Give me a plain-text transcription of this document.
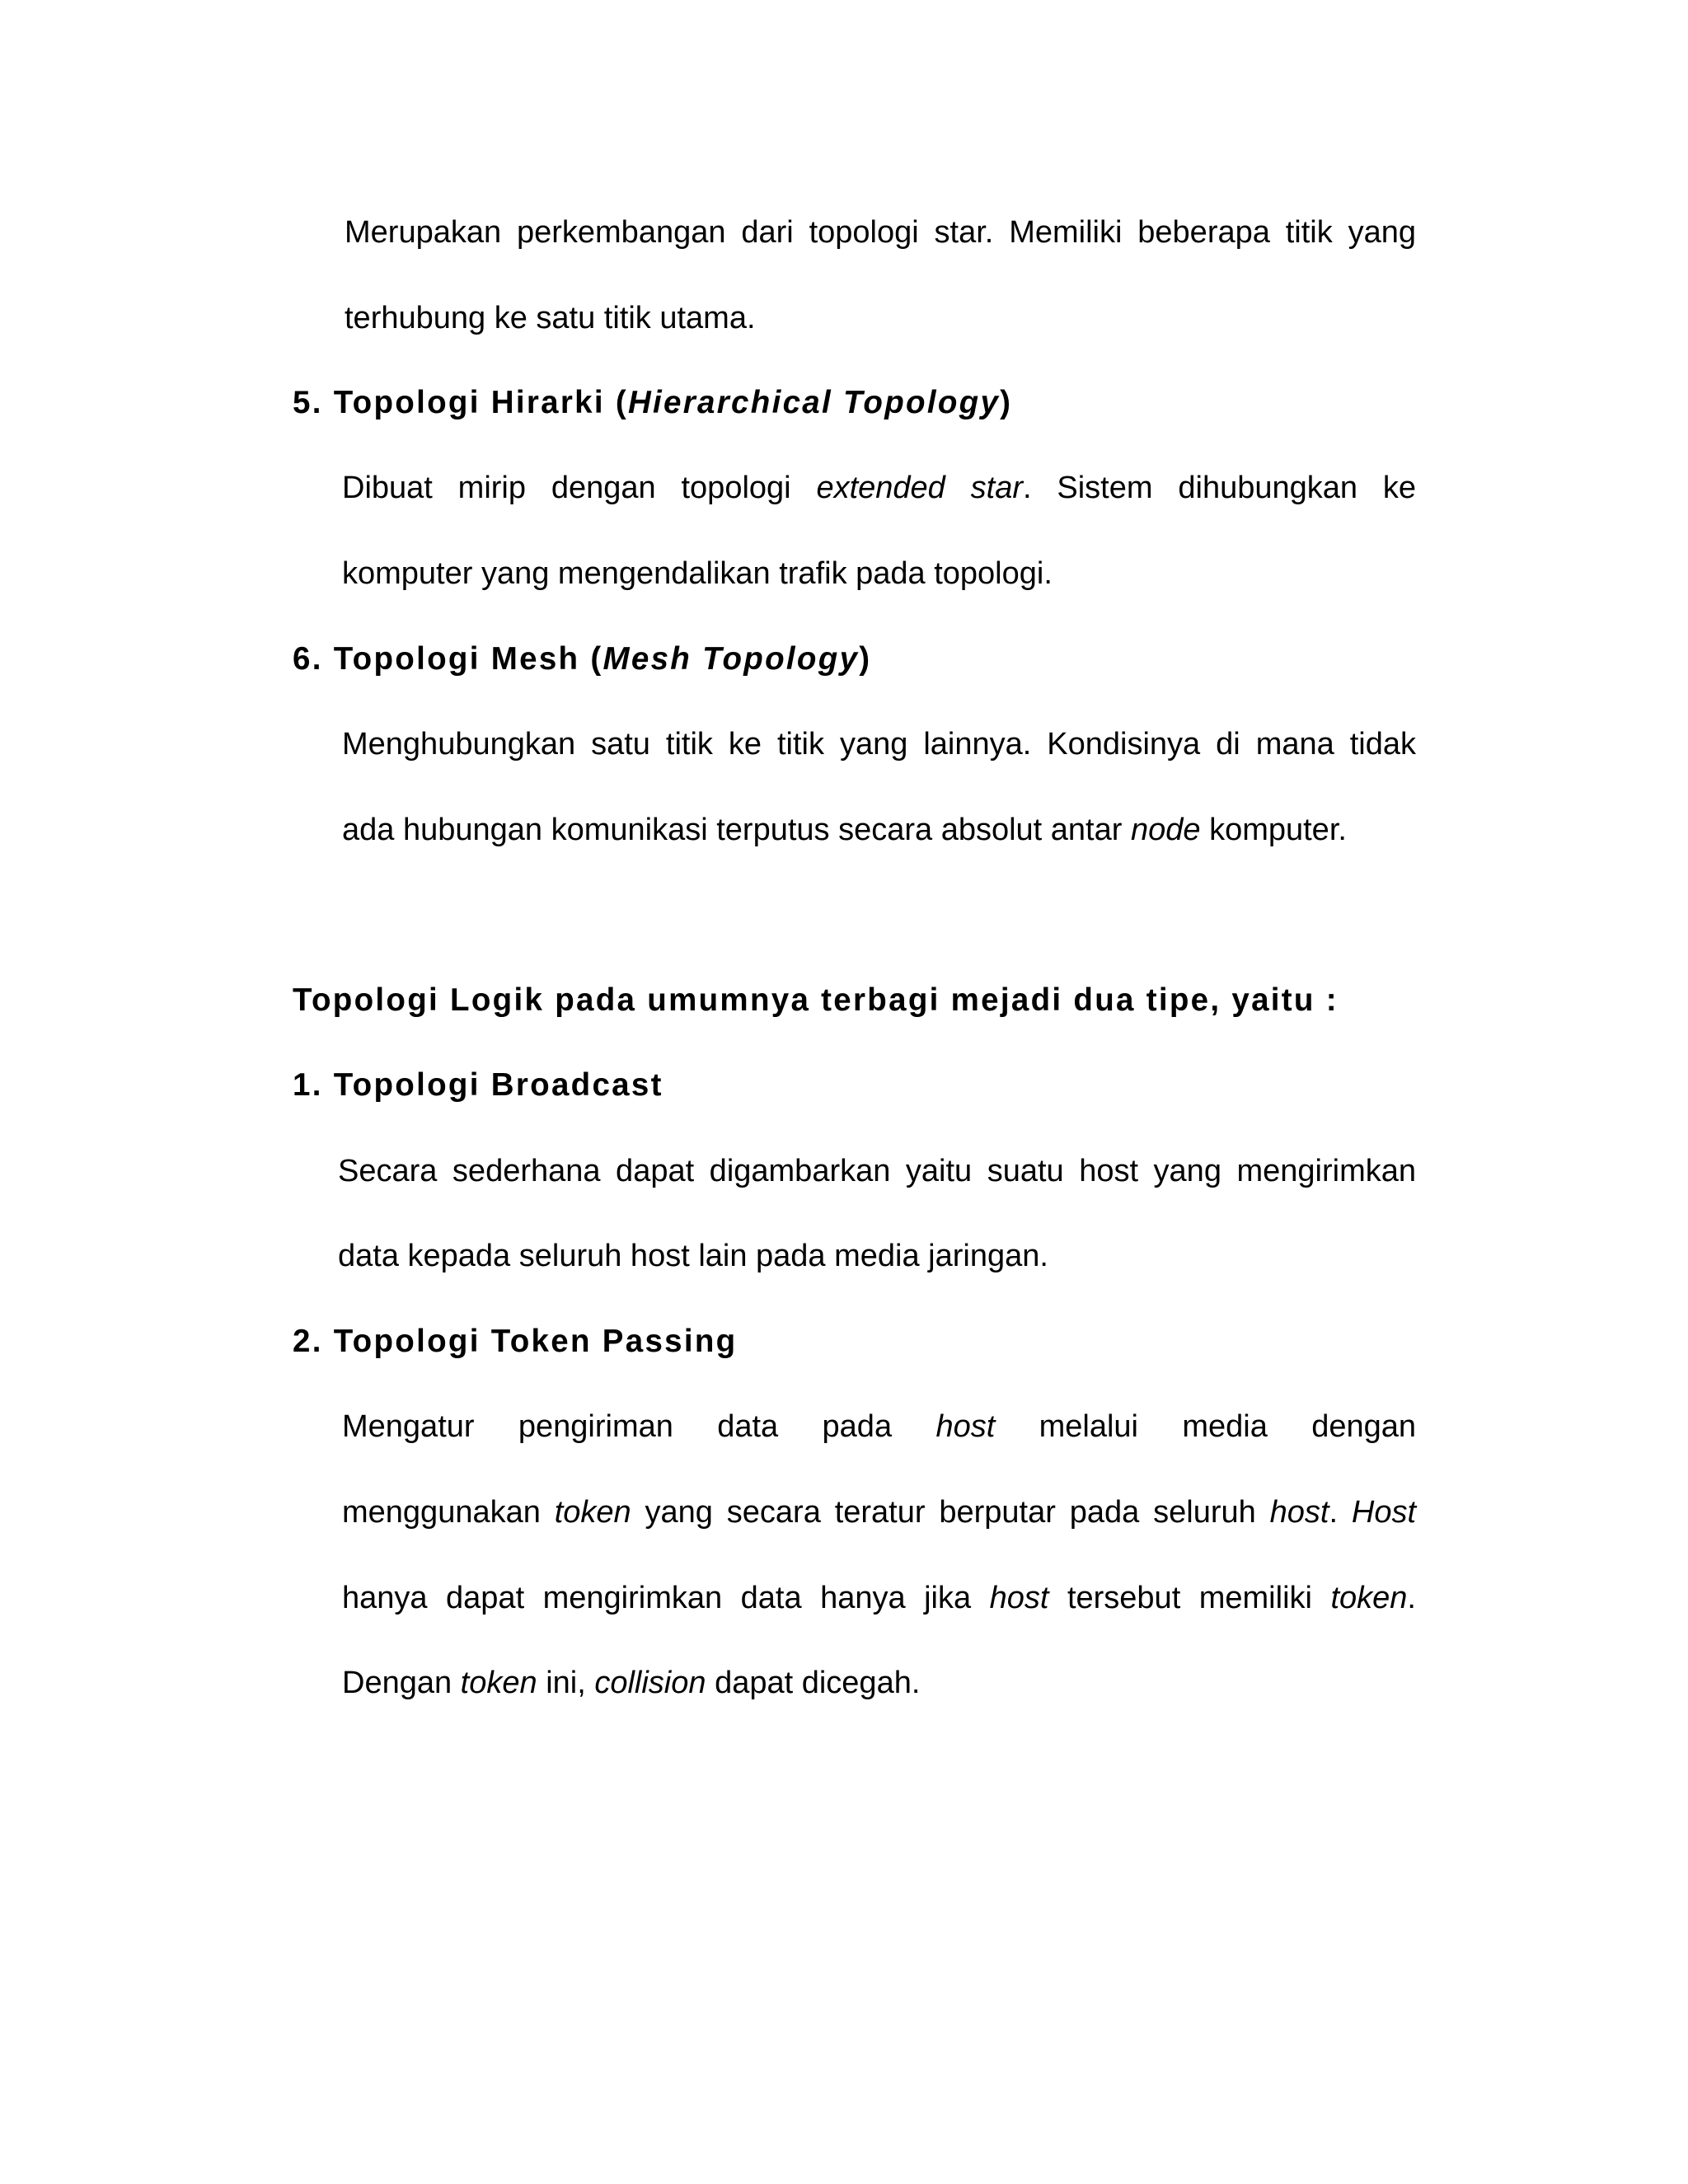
Merupakan perkembangan dari topologi star. Memiliki beberapa titik yang

terhubung ke satu titik utama.

5. Topologi Hirarki (Hierarchical Topology)

Dibuat mirip dengan topologi extended star. Sistem dihubungkan ke

komputer yang mengendalikan trafik pada topologi.

6. Topologi Mesh (Mesh Topology)

Menghubungkan satu titik ke titik yang lainnya. Kondisinya di mana tidak

ada hubungan komunikasi terputus secara absolut antar node komputer.

Topologi Logik pada umumnya terbagi mejadi dua tipe, yaitu :

1. Topologi Broadcast

Secara sederhana dapat digambarkan yaitu suatu host yang mengirimkan

data kepada seluruh host lain pada media jaringan.

2. Topologi Token Passing

Mengatur pengiriman data pada host melalui media dengan

menggunakan token yang secara teratur berputar pada seluruh host. Host

hanya dapat mengirimkan data hanya jika host tersebut memiliki token.

Dengan token ini, collision dapat dicegah.
